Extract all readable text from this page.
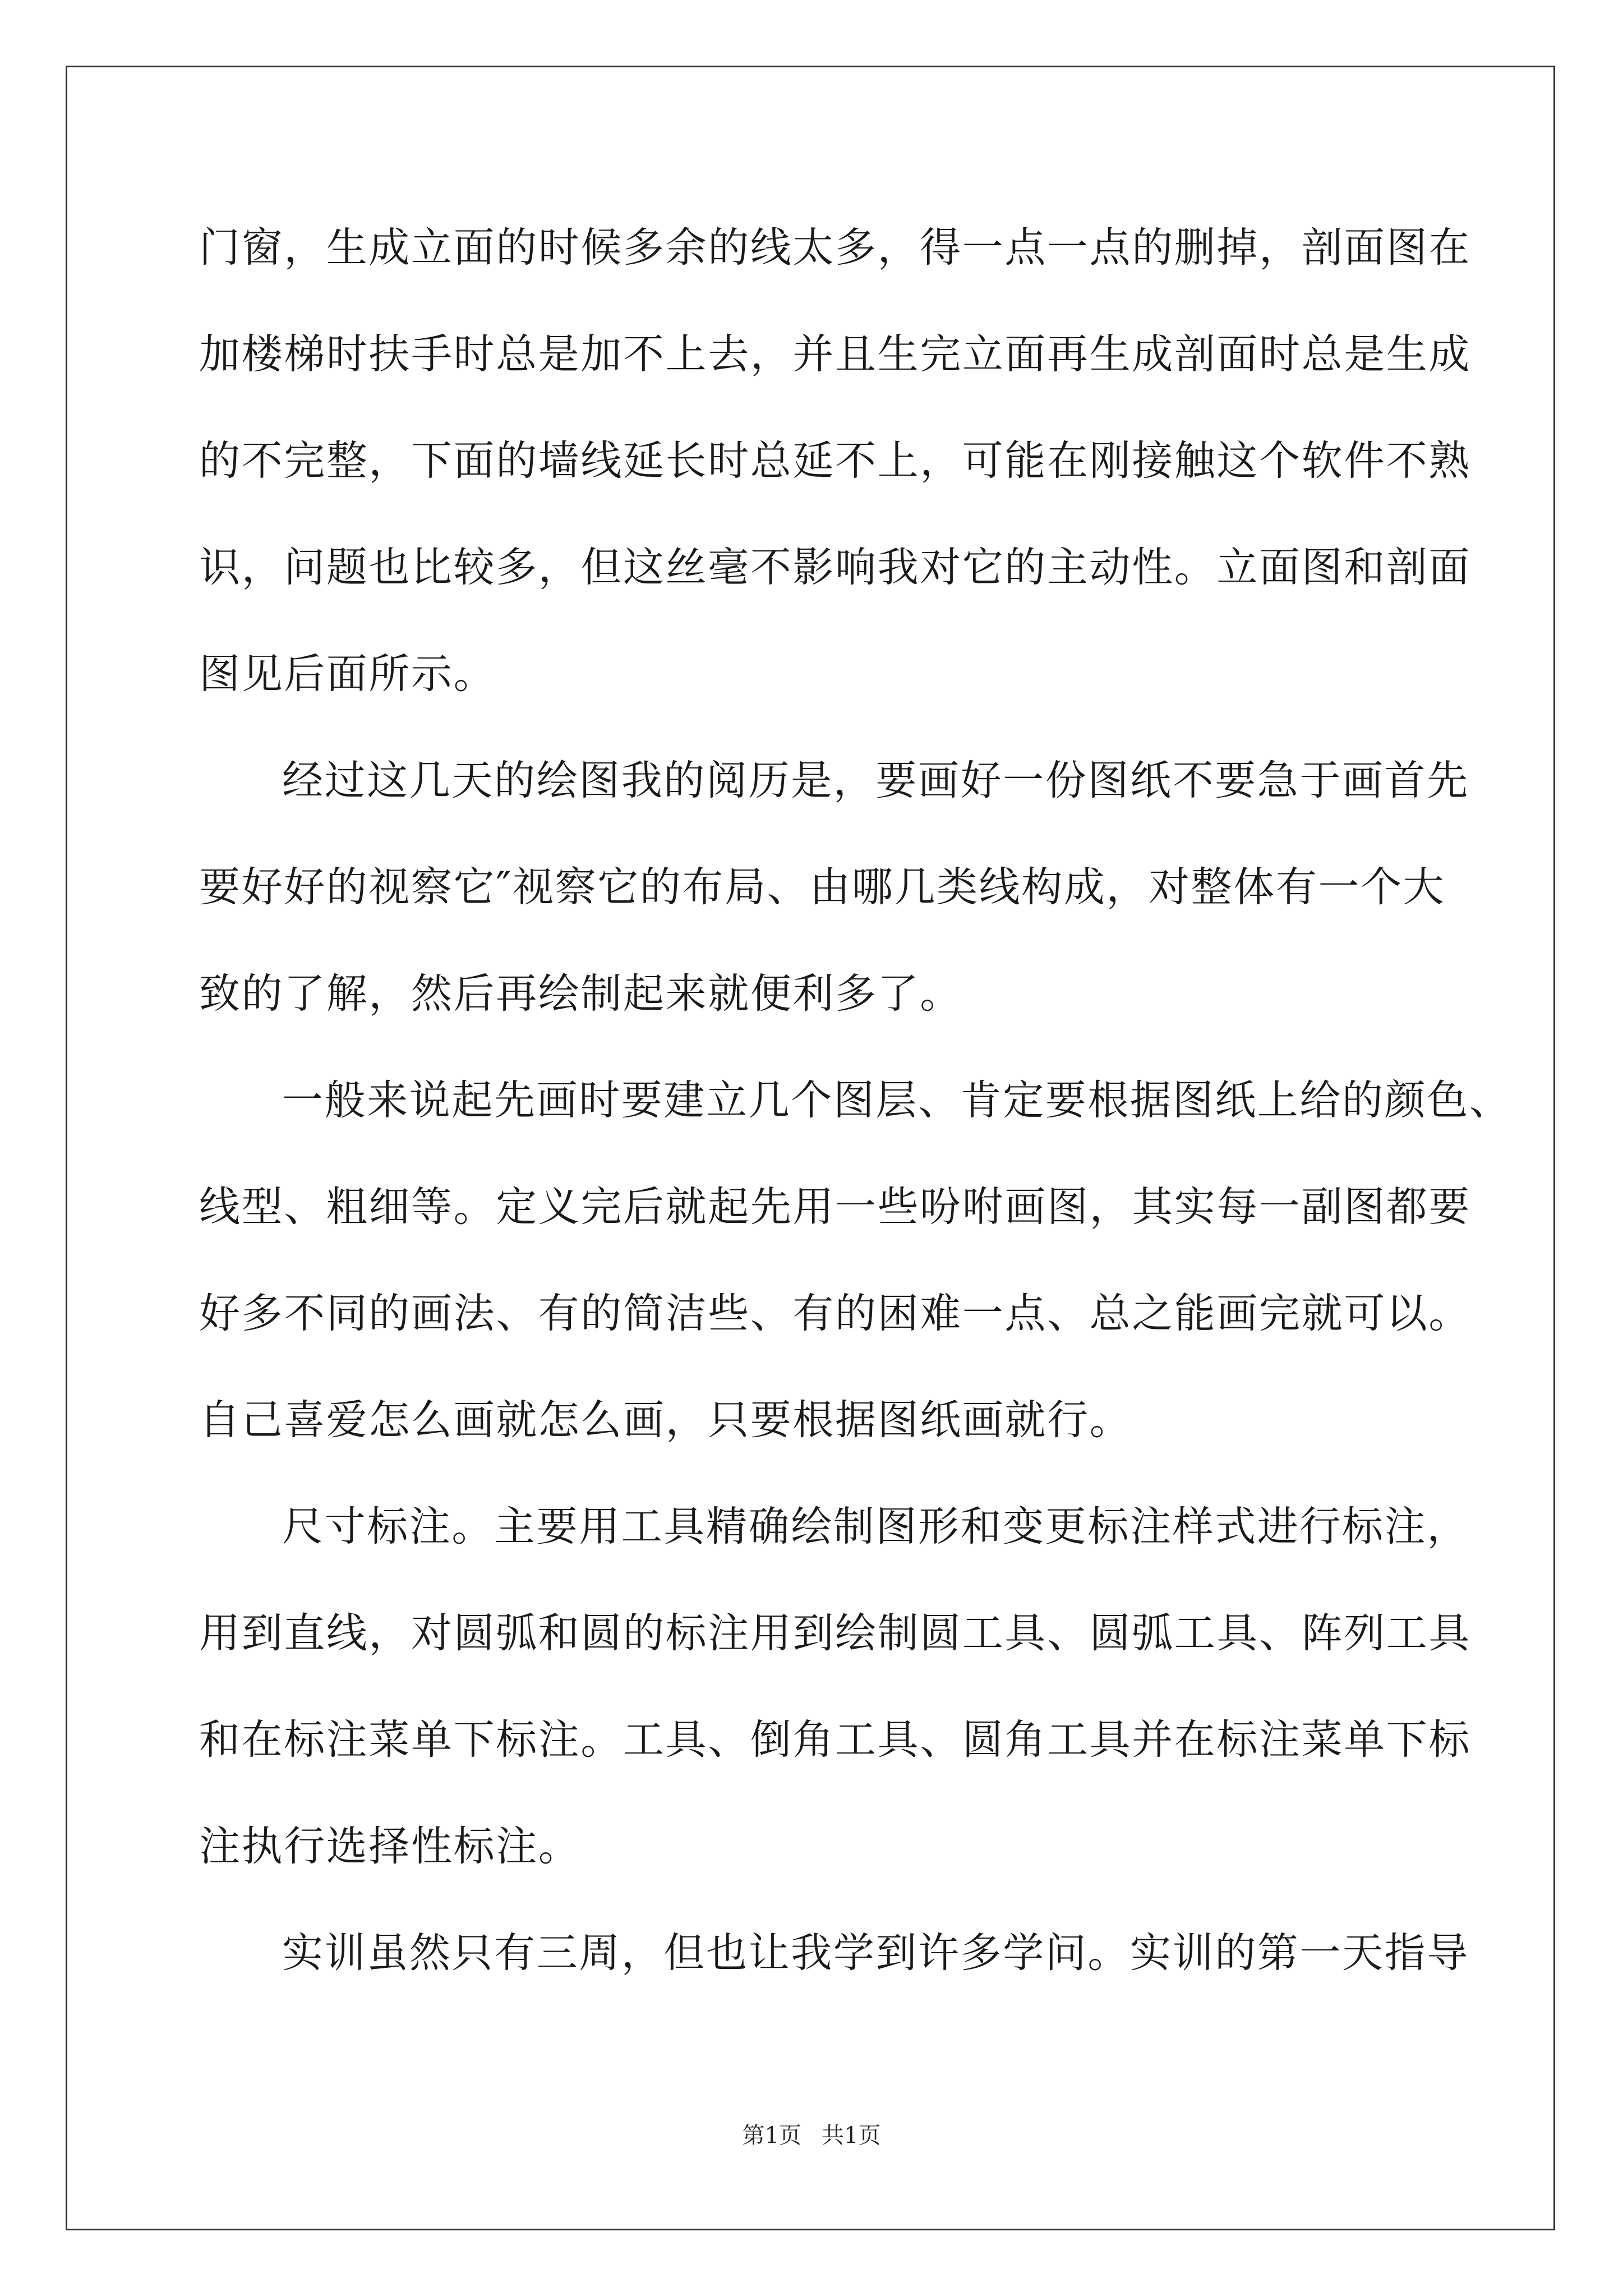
门窗，生成立面的时候多余的线太多，得一点一点的删掉，剖面图在
加楼梯时扶手时总是加不上去，并且生完立面再生成剖面时总是生成
的不完整，下面的墙线延长时总延不上，可能在刚接触这个软件不熟
识，问题也比较多，但这丝毫不影响我对它的主动性。立面图和剖面
图见后面所示。
经过这几天的绘图我的阅历是，要画好一份图纸不要急于画首先
要好好的视察它″视察它的布局、由哪几类线构成，对整体有一个大
致的了解，然后再绘制起来就便利多了。
一般来说起先画时要建立几个图层、肯定要根据图纸上给的颜色、
线型、粗细等。定义完后就起先用一些吩咐画图，其实每一副图都要
好多不同的画法、有的简洁些、有的困难一点、总之能画完就可以。
自己喜爱怎么画就怎么画，只要根据图纸画就行。
尺寸标注。主要用工具精确绘制图形和变更标注样式进行标注，
用到直线，对圆弧和圆的标注用到绘制圆工具、圆弧工具、阵列工具
和在标注菜单下标注。工具、倒角工具、圆角工具并在标注菜单下标
注执行选择性标注。
实训虽然只有三周，但也让我学到许多学问。实训的第一天指导
第1页 共1页
